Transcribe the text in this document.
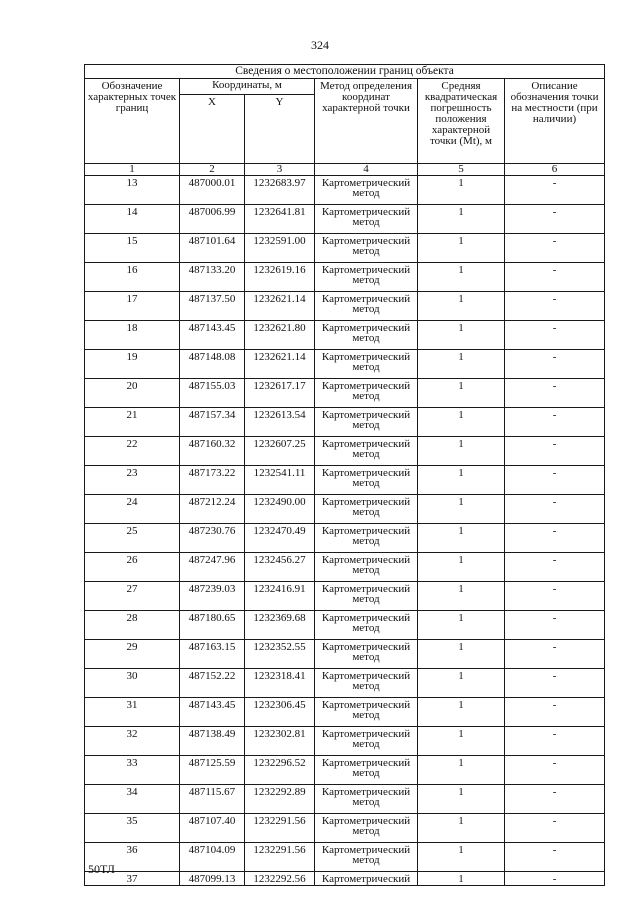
324
Сведения о местоположении границ объекта					
Обозначение характерных точек границ	Координаты, м		Метод определения координат характерной точки	Средняя квадратическая погрешность положения характерной точки (Mt), м	Описание обозначения точки на местности (при наличии)
	X	Y			
1	2	3	4	5	6
13	487000.01	1232683.97	Картометрический метод	1	-
14	487006.99	1232641.81	Картометрический метод	1	-
15	487101.64	1232591.00	Картометрический метод	1	-
16	487133.20	1232619.16	Картометрический метод	1	-
17	487137.50	1232621.14	Картометрический метод	1	-
18	487143.45	1232621.80	Картометрический метод	1	-
19	487148.08	1232621.14	Картометрический метод	1	-
20	487155.03	1232617.17	Картометрический метод	1	-
21	487157.34	1232613.54	Картометрический метод	1	-
22	487160.32	1232607.25	Картометрический метод	1	-
23	487173.22	1232541.11	Картометрический метод	1	-
24	487212.24	1232490.00	Картометрический метод	1	-
25	487230.76	1232470.49	Картометрический метод	1	-
26	487247.96	1232456.27	Картометрический метод	1	-
27	487239.03	1232416.91	Картометрический метод	1	-
28	487180.65	1232369.68	Картометрический метод	1	-
29	487163.15	1232352.55	Картометрический метод	1	-
30	487152.22	1232318.41	Картометрический метод	1	-
31	487143.45	1232306.45	Картометрический метод	1	-
32	487138.49	1232302.81	Картометрический метод	1	-
33	487125.59	1232296.52	Картометрический метод	1	-
34	487115.67	1232292.89	Картометрический метод	1	-
35	487107.40	1232291.56	Картометрический метод	1	-
36	487104.09	1232291.56	Картометрический метод	1	-
37	487099.13	1232292.56	Картометрический	1	-
50ТЛ
